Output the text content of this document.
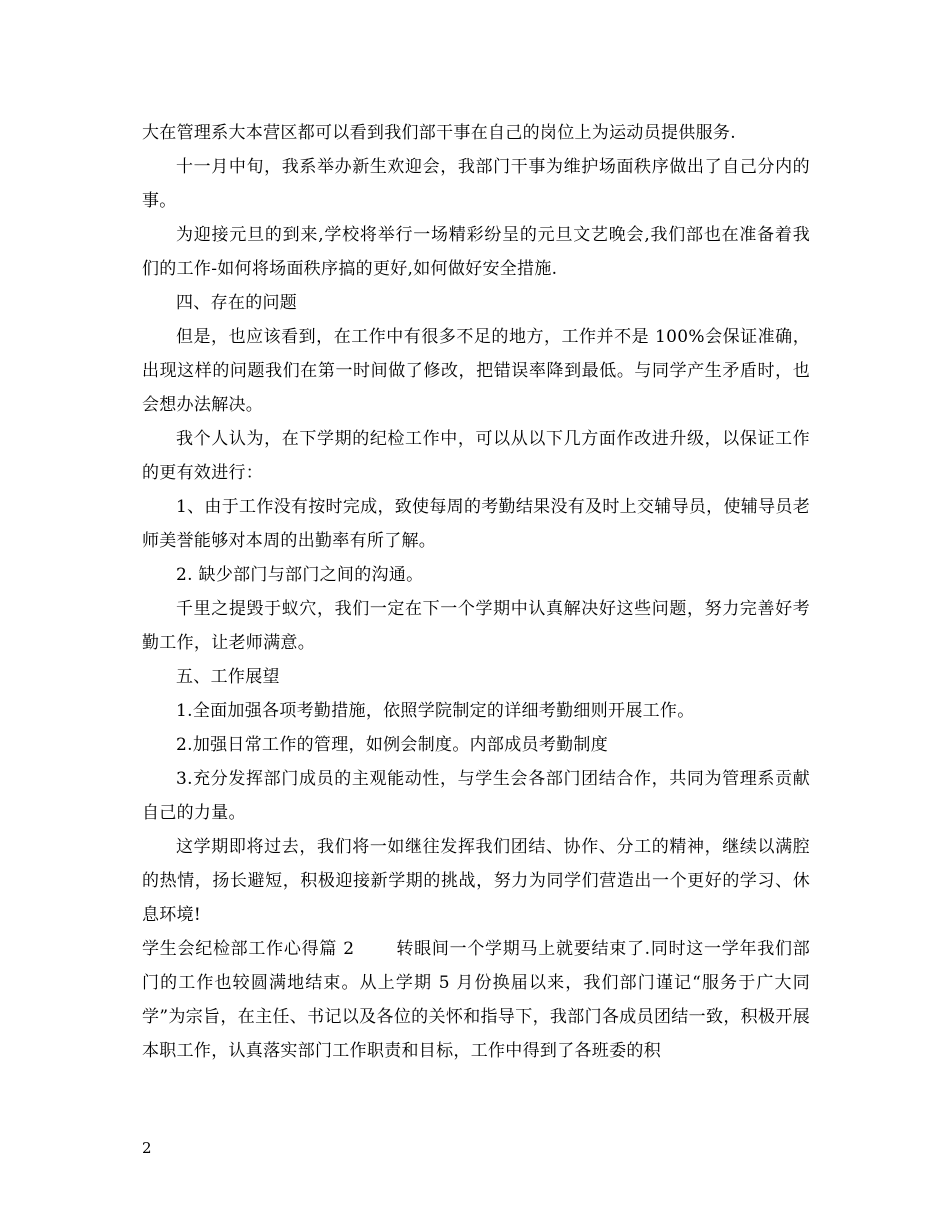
大在管理系大本营区都可以看到我们部干事在自己的岗位上为运动员提供服务.

十一月中旬，我系举办新生欢迎会，我部门干事为维护场面秩序做出了自己分内的事。

为迎接元旦的到来,学校将举行一场精彩纷呈的元旦文艺晚会,我们部也在准备着我们的工作-如何将场面秩序搞的更好,如何做好安全措施.

四、存在的问题

但是，也应该看到，在工作中有很多不足的地方，工作并不是 100%会保证准确，出现这样的问题我们在第一时间做了修改，把错误率降到最低。与同学产生矛盾时，也会想办法解决。

我个人认为，在下学期的纪检工作中，可以从以下几方面作改进升级，以保证工作的更有效进行：

1、由于工作没有按时完成，致使每周的考勤结果没有及时上交辅导员，使辅导员老师美誉能够对本周的出勤率有所了解。

2. 缺少部门与部门之间的沟通。

千里之提毁于蚁穴，我们一定在下一个学期中认真解决好这些问题，努力完善好考勤工作，让老师满意。

五、工作展望

1.全面加强各项考勤措施，依照学院制定的详细考勤细则开展工作。

2.加强日常工作的管理，如例会制度。内部成员考勤制度

3.充分发挥部门成员的主观能动性，与学生会各部门团结合作，共同为管理系贡献自己的力量。

这学期即将过去，我们将一如继往发挥我们团结、协作、分工的精神，继续以满腔的热情，扬长避短，积极迎接新学期的挑战，努力为同学们营造出一个更好的学习、休息环境!

学生会纪检部工作心得篇 2　　 转眼间一个学期马上就要结束了.同时这一学年我们部门的工作也较圆满地结束。从上学期 5 月份换届以来，我们部门谨记“服务于广大同学”为宗旨，在主任、书记以及各位的关怀和指导下，我部门各成员团结一致，积极开展本职工作，认真落实部门工作职责和目标，工作中得到了各班委的积

2
